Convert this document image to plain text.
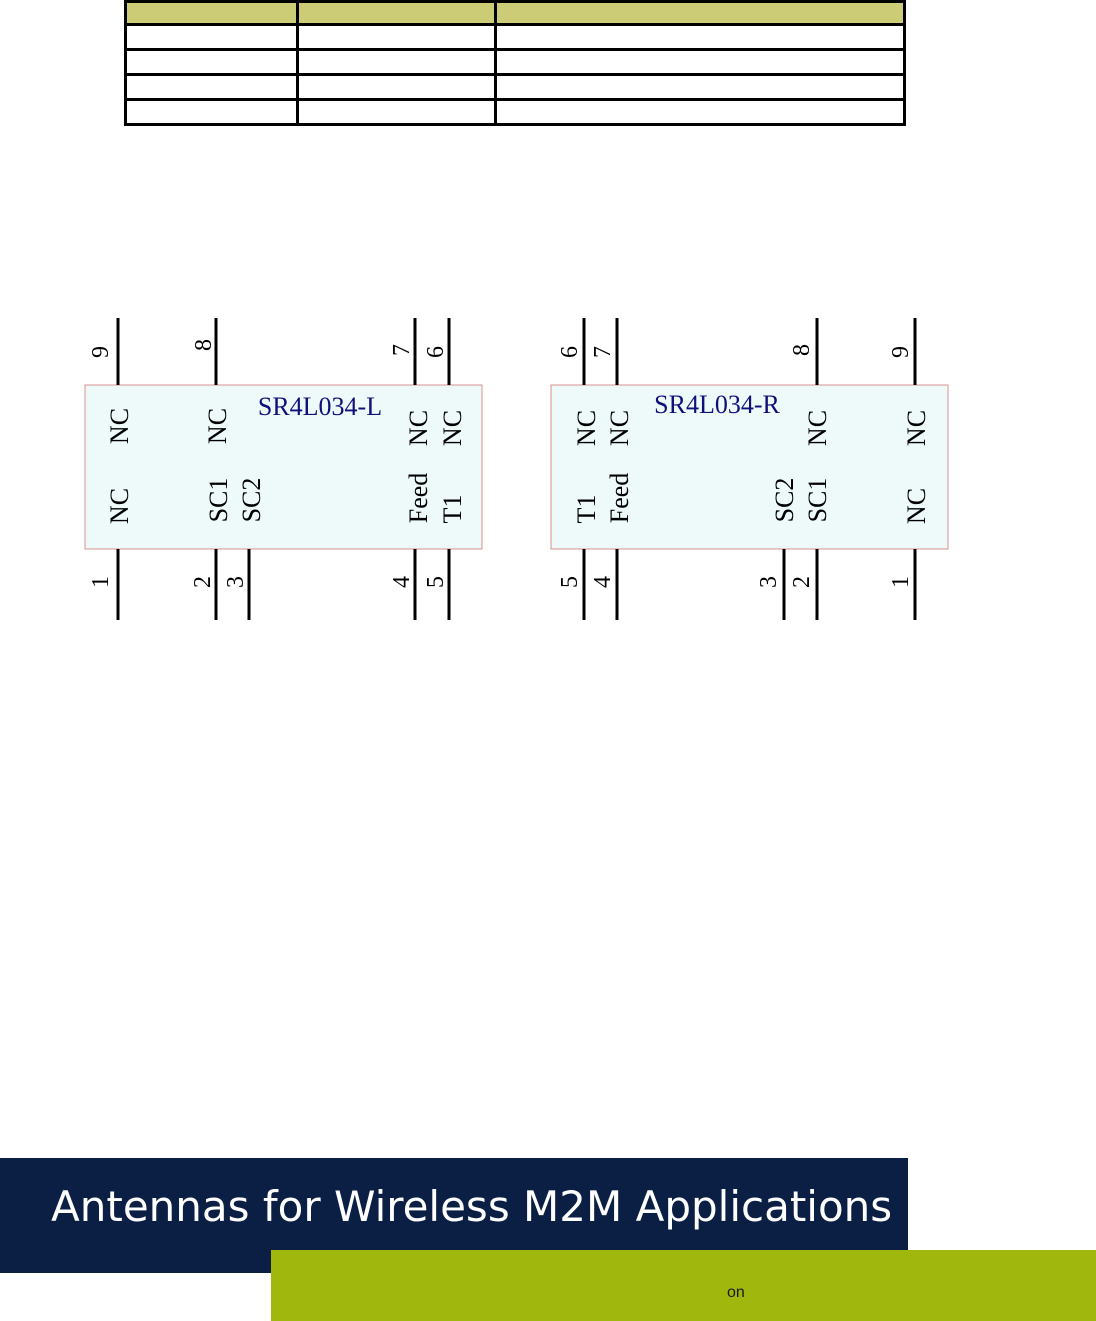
SR4L034-L
9
NC
8
NC
7
NC
6
NC
1
NC
2
SC1
3
SC2
4
Feed
5
T1
SR4L034-R
6
NC
7
NC
8
NC
9
NC
5
T1
4
Feed
3
SC2
2
SC1
1
NC
Antennas for Wireless M2M Applications
on
